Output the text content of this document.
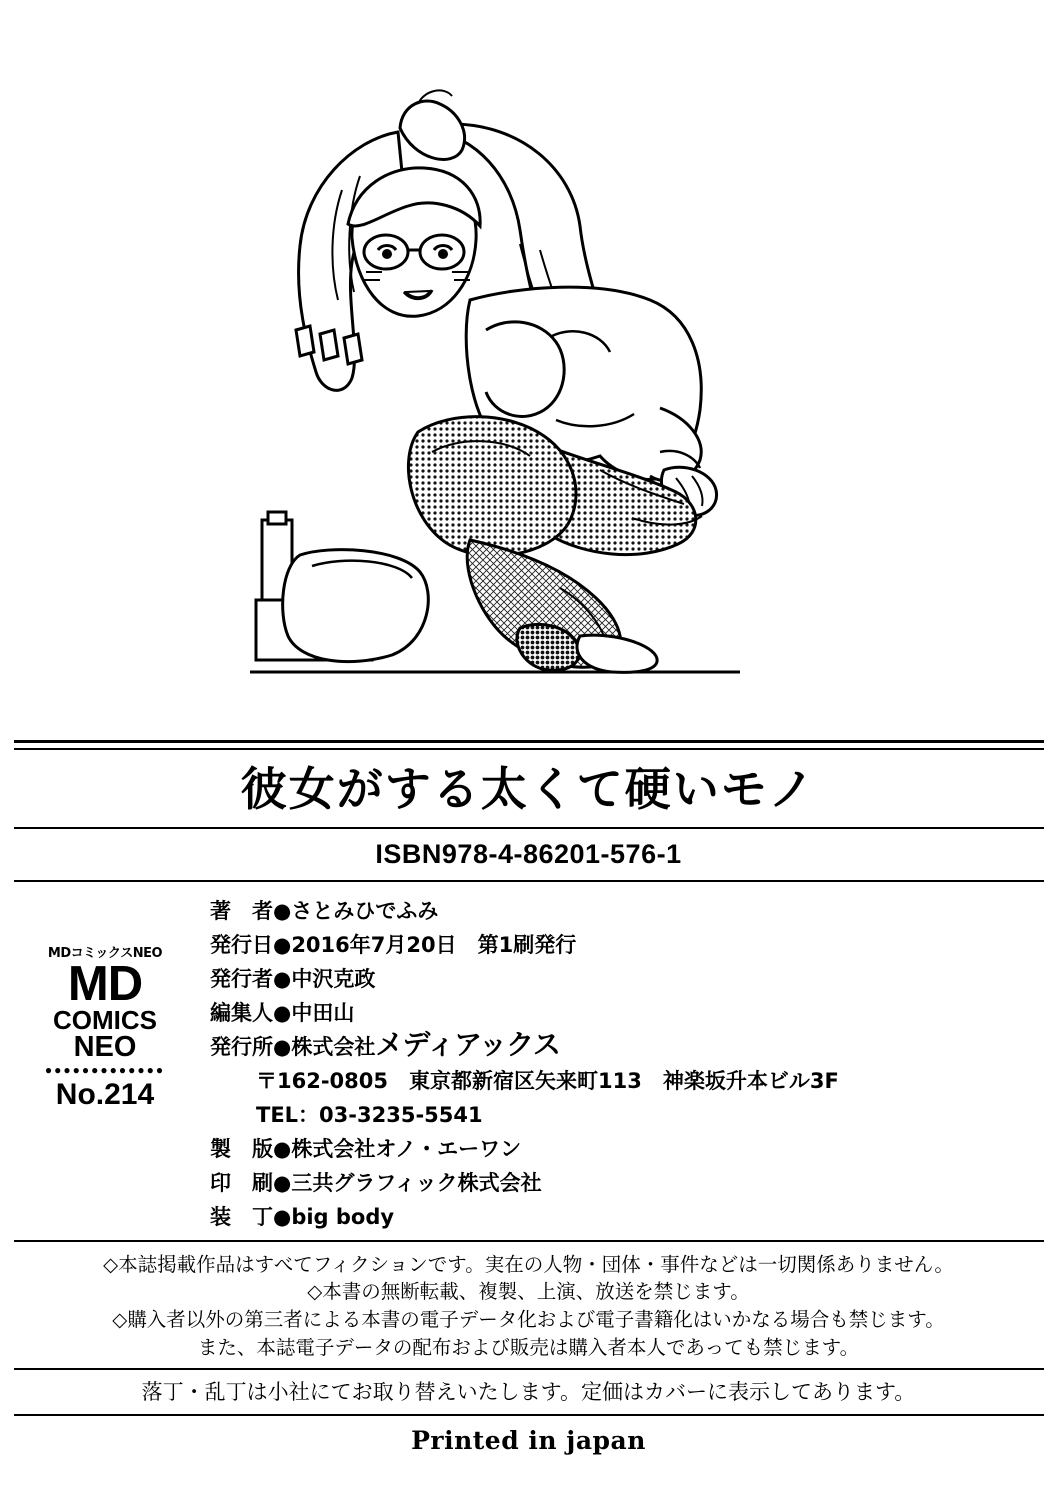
彼女がする太くて硬いモノ
ISBN978-4-86201-576-1
MDコミックスNEO
MD
COMICS
NEO
●●●●●●●●●●●●●
No.214
著　者●さとみひでふみ
発行日●2016年7月20日　第1刷発行
発行者●中沢克政
編集人●中田山
発行所●株式会社 メディアックス
〒162-0805　東京都新宿区矢来町113　神楽坂升本ビル3F
TEL：03-3235-5541
製　版●株式会社オノ・エーワン
印　刷●三共グラフィック株式会社
装　丁●big body

◇本誌掲載作品はすべてフィクションです。実在の人物・団体・事件などは一切関係ありません。

◇本書の無断転載、複製、上演、放送を禁じます。

◇購入者以外の第三者による本書の電子データ化および電子書籍化はいかなる場合も禁じます。

また、本誌電子データの配布および販売は購入者本人であっても禁じます。

落丁・乱丁は小社にてお取り替えいたします。定価はカバーに表示してあります。

Printed in japan
